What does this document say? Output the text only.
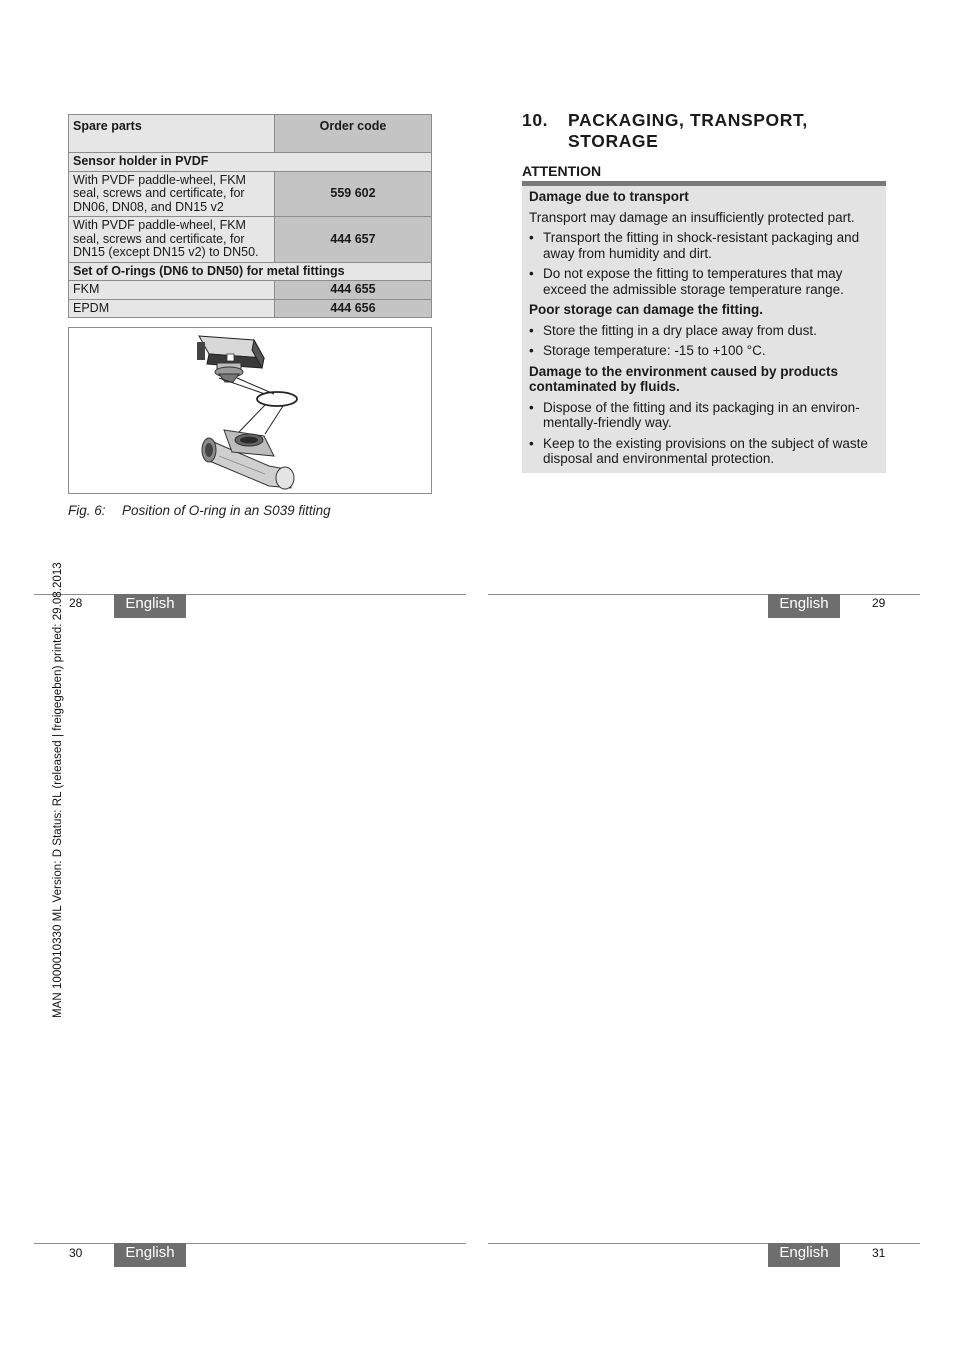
Spare parts	Order code
Sensor holder in PVDF	
With PVDF paddle-wheel, FKM seal, screws and certificate, for DN06, DN08, and DN15 v2	559 602
With PVDF paddle-wheel, FKM seal, screws and certificate, for DN15 (except DN15 v2) to DN50.	444 657
Set of O-rings (DN6 to DN50) for metal fittings	
FKM	444 655
EPDM	444 656
Fig. 6: Position of O-ring in an S039 fitting
10. PACKAGING, TRANSPORT, STORAGE
ATTENTION
Damage due to transport
Transport may damage an insufficiently protected part.
• Transport the fitting in shock-resistant packaging and away from humidity and dirt.
• Do not expose the fitting to temperatures that may exceed the admissible storage temperature range.
Poor storage can damage the fitting.
• Store the fitting in a dry place away from dust.
• Storage temperature: -15 to +100 °C.
Damage to the environment caused by products contaminated by fluids.
• Dispose of the fitting and its packaging in an environ-mentally-friendly way.
• Keep to the existing provisions on the subject of waste disposal and environmental protection.
28	English	English	29
30	English	English	31
MAN 1000010330 ML Version: D Status: RL (released | freigegeben) printed: 29.08.2013
